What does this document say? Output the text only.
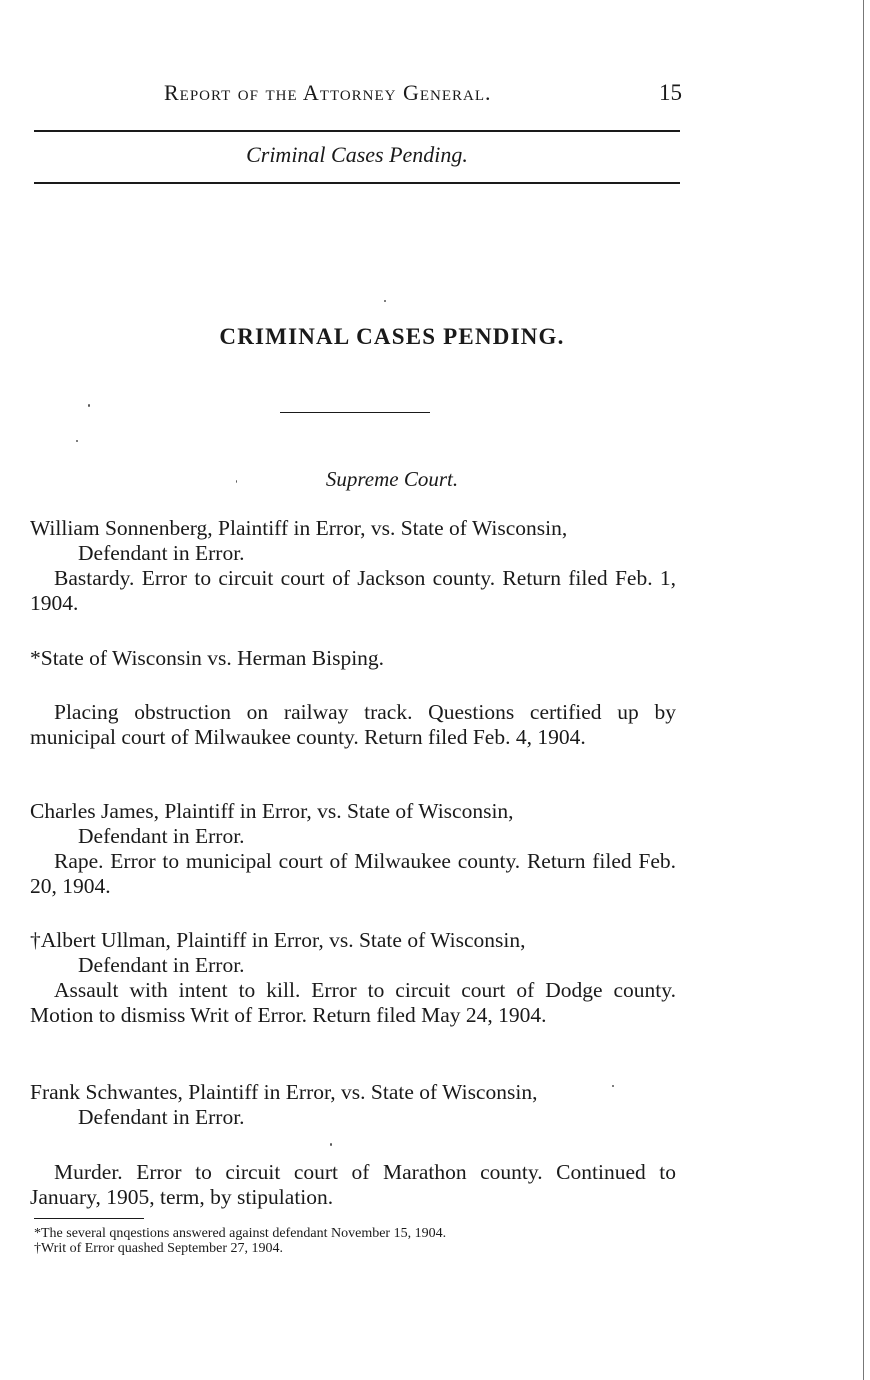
Report of the Attorney General.	15
Criminal Cases Pending.
CRIMINAL CASES PENDING.
Supreme Court.
William Sonnenberg, Plaintiff in Error, vs. State of Wisconsin,
Defendant in Error.
Bastardy. Error to circuit court of Jackson county. Return filed Feb. 1, 1904.
*State of Wisconsin vs. Herman Bisping.
Placing obstruction on railway track. Questions certified up by municipal court of Milwaukee county. Return filed Feb. 4, 1904.
Charles James, Plaintiff in Error, vs. State of Wisconsin,
Defendant in Error.
Rape. Error to municipal court of Milwaukee county. Return filed Feb. 20, 1904.
†Albert Ullman, Plaintiff in Error, vs. State of Wisconsin,
Defendant in Error.
Assault with intent to kill. Error to circuit court of Dodge county. Motion to dismiss Writ of Error. Return filed May 24, 1904.
Frank Schwantes, Plaintiff in Error, vs. State of Wisconsin,
Defendant in Error.
Murder. Error to circuit court of Marathon county. Continued to January, 1905, term, by stipulation.
*The several qnqestions answered against defendant November 15, 1904.
†Writ of Error quashed September 27, 1904.
